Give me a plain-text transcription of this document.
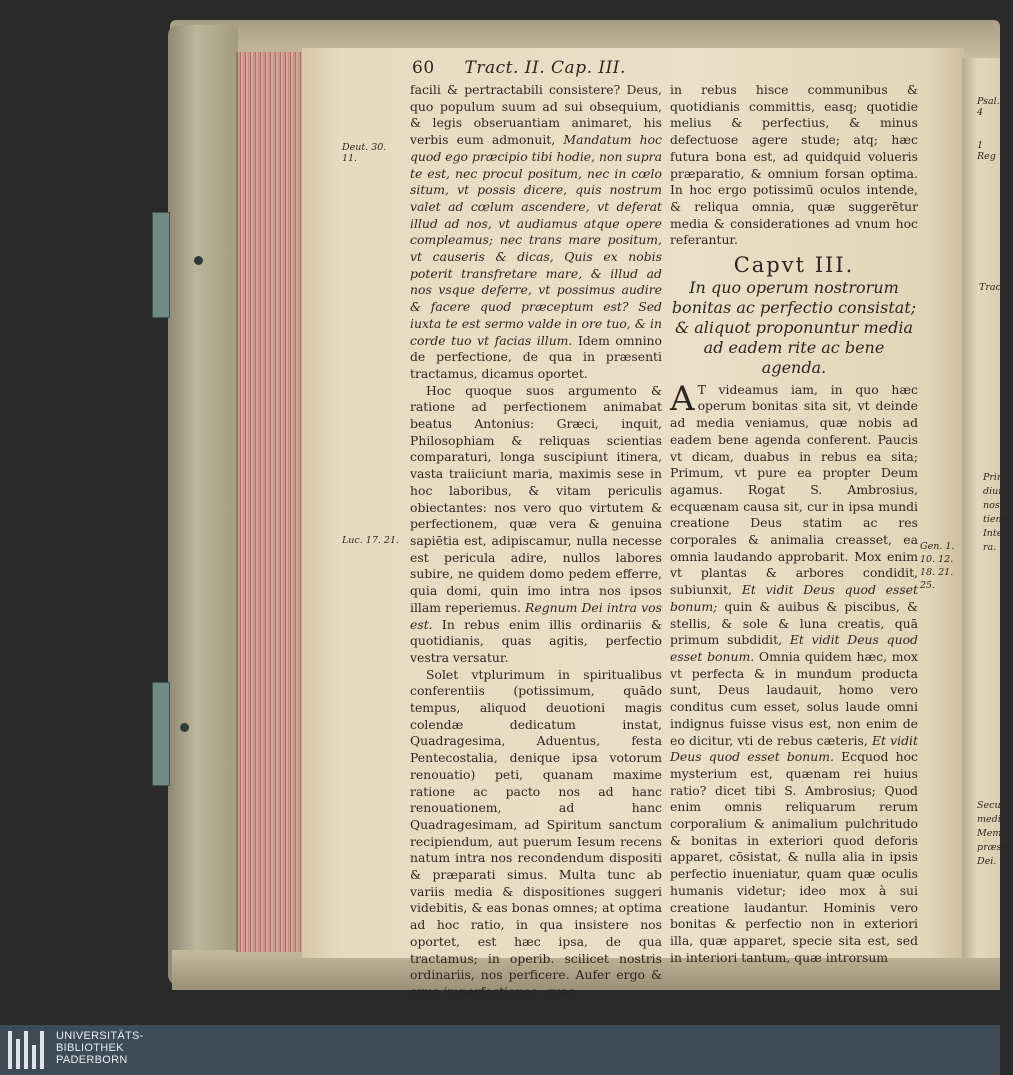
60 Tract. II. Cap. III.

facili & pertractabili consistere? Deus, quo populum suum ad sui obsequium, & legis obseruantiam animaret, his verbis eum admonuit, Mandatum hoc quod ego præcipio tibi hodie, non supra te est, nec procul positum, nec in cœlo situm, vt possis dicere, quis nostrum valet ad cœlum ascendere, vt deferat illud ad nos, vt audiamus atque opere compleamus; nec trans mare positum, vt causeris & dicas, Quis ex nobis poterit transfretare mare, & illud ad nos vsque deferre, vt possimus audire & facere quod præceptum est? Sed iuxta te est sermo valde in ore tuo, & in corde tuo vt facias illum. Idem omnino de perfectione, de qua in præsenti tractamus, dicamus oportet.

Hoc quoque suos argumento & ratione ad perfectionem animabat beatus Antonius: Græci, inquit, Philosophiam & reliquas scientias comparaturi, longa suscipiunt itinera, vasta traiiciunt maria, maximis sese in hoc laboribus, & vitam periculis obiectantes: nos vero quo virtutem & perfectionem, quæ vera & genuina sapiētia est, adipiscamur, nulla necesse est pericula adire, nullos labores subire, ne quidem domo pedem efferre, quia domi, quin imo intra nos ipsos illam reperiemus. Regnum Dei intra vos est. In rebus enim illis ordinariis & quotidianis, quas agitis, perfectio vestra versatur.

Solet vtplurimum in spiritualibus conferentiis (potissimum, quādo tempus, aliquod deuotioni magis colendæ dedicatum instat, Quadragesima, Aduentus, festa Pentecostalia, denique ipsa votorum renouatio) peti, quanam maxime ratione ac pacto nos ad hanc renouationem, ad hanc Quadragesimam, ad Spiritum sanctum recipiendum, aut puerum Iesum recens natum intra nos recondendum dispositi & præparati simus. Multa tunc ab variis media & dispositiones suggeri videbitis, & eas bonas omnes; at optima ad hoc ratio, in qua insistere nos oportet, est hæc ipsa, de qua tractamus; in operib. scilicet nostris ordinariis, nos perficere. Aufer ergo & exue imperfectiones, quas

in rebus hisce communibus & quotidianis committis, easq; quotidie melius & perfectius, & minus defectuose agere stude; atq; hæc futura bona est, ad quidquid volueris præparatio, & omnium forsan optima. In hoc ergo potissimū oculos intende, & reliqua omnia, quæ suggerētur media & considerationes ad vnum hoc referantur.

Capvt III.
In quo operum nostrorum bonitas ac perfectio consistat; & aliquot proponuntur media ad eadem rite ac bene agenda.

A T videamus iam, in quo hæc operum bonitas sita sit, vt deinde ad media veniamus, quæ nobis ad eadem bene agenda conferent. Paucis vt dicam, duabus in rebus ea sita; Primum, vt pure ea propter Deum agamus. Rogat S. Ambrosius, ecquænam causa sit, cur in ipsa mundi creatione Deus statim ac res corporales & animalia creasset, ea omnia laudando approbarit. Mox enim vt plantas & arbores condidit, subiunxit, Et vidit Deus quod esset bonum; quin & auibus & piscibus, & stellis, & sole & luna creatis, quā primum subdidit, Et vidit Deus quod esset bonum. Omnia quidem hæc, mox vt perfecta & in mundum producta sunt, Deus laudauit, homo vero conditus cum esset, solus laude omni indignus fuisse visus est, non enim de eo dicitur, vti de rebus cæteris, Et vidit Deus quod esset bonum. Ecquod hoc mysterium est, quænam rei huius ratio? dicet tibi S. Ambrosius; Quod enim omnis reliquarum rerum corporalium & animalium pulchritudo & bonitas in exteriori quod deforis apparet, cōsistat, & nulla alia in ipsis perfectio inueniatur, quam quæ oculis humanis videtur; ideo mox à sui creatione laudantur. Hominis vero bonitas & perfectio non in exteriori illa, quæ apparet, specie sita est, sed in interiori tantum, quæ introrsum

Deut. 30. 11.
Luc. 17. 21.
Gen. 1. 10. 12. 18. 21. 25.
Psal. 4
1 Reg
Tract
Prim
dium
nostr.
tiend.
Inten
ra.
Secun
mediu
Mem
præsen
Dei.
UNIVERSITÄTS-
BIBLIOTHEK
PADERBORN
